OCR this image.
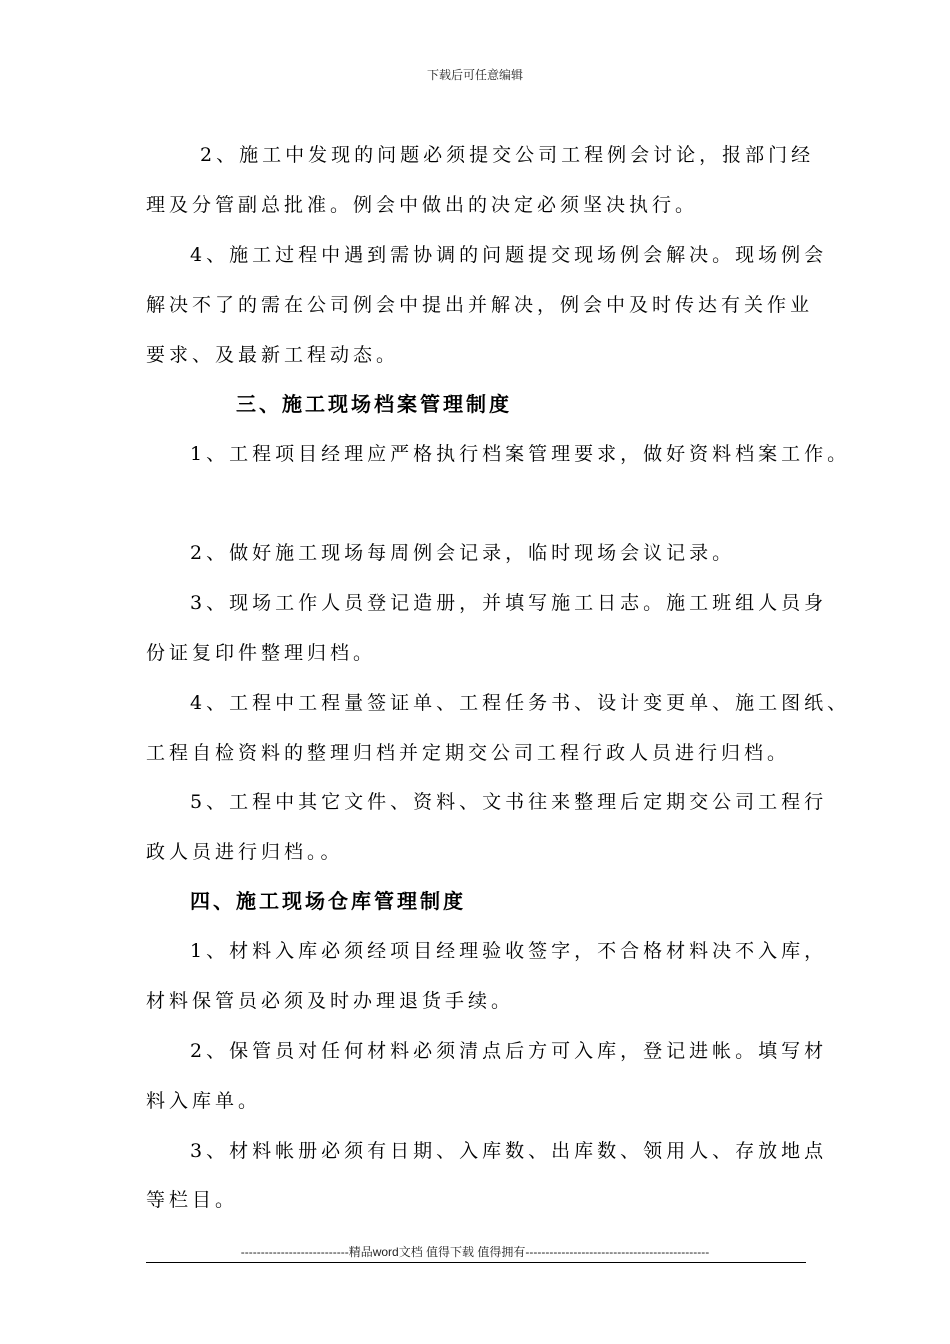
下载后可任意编辑
2、施工中发现的问题必须提交公司工程例会讨论，报部门经
理及分管副总批准。例会中做出的决定必须坚决执行。
4、施工过程中遇到需协调的问题提交现场例会解决。现场例会
解决不了的需在公司例会中提出并解决，例会中及时传达有关作业
要求、及最新工程动态。
三、施工现场档案管理制度
1、工程项目经理应严格执行档案管理要求，做好资料档案工作。
2、做好施工现场每周例会记录，临时现场会议记录。
3、现场工作人员登记造册，并填写施工日志。施工班组人员身
份证复印件整理归档。
4、工程中工程量签证单、工程任务书、设计变更单、施工图纸、
工程自检资料的整理归档并定期交公司工程行政人员进行归档。
5、工程中其它文件、资料、文书往来整理后定期交公司工程行
政人员进行归档。。
四、施工现场仓库管理制度
1、材料入库必须经项目经理验收签字，不合格材料决不入库，
材料保管员必须及时办理退货手续。
2、保管员对任何材料必须清点后方可入库，登记进帐。填写材
料入库单。
3、材料帐册必须有日期、入库数、出库数、领用人、存放地点
等栏目。
---------------------------精品word文档 值得下载 值得拥有----------------------------------------------
